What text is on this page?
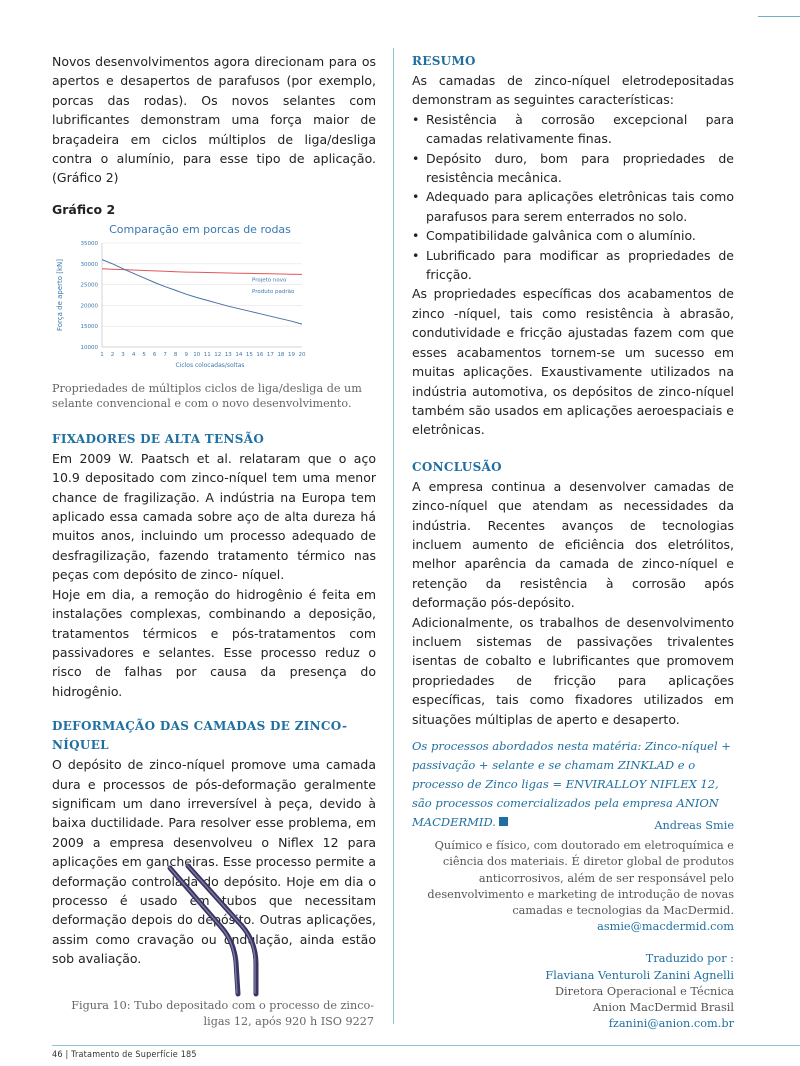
Novos desenvolvimentos agora direcionam para os apertos e desapertos de parafusos (por exemplo, porcas das rodas). Os novos selantes com lubrificantes demonstram uma força maior de braçadeira em ciclos múltiplos de liga/desliga contra o alumínio, para esse tipo de aplicação. (Gráfico 2)

Gráfico 2
Comparação em porcas de rodas
Força de aperto [kN]
Ciclos colocadas/soltas
10000
15000
20000
25000
30000
35000
1 2 3 4 5 6 7 8 9 10 11 12 13 14 15 16 17 18 19 20
Projeto novo
Produto padrão
Propriedades de múltiplos ciclos de liga/desliga de um selante convencional e com o novo desenvolvimento.
FIXADORES DE ALTA TENSÃO

Em 2009 W. Paatsch et al. relataram que o aço 10.9 depositado com zinco-níquel tem uma menor chance de fragilização. A indústria na Europa tem aplicado essa camada sobre aço de alta dureza há muitos anos, incluindo um processo adequado de desfragilização, fazendo tratamento térmico nas peças com depósito de zinco- níquel.

Hoje em dia, a remoção do hidrogênio é feita em instalações complexas, combinando a deposição, tratamentos térmicos e pós-tratamentos com passivadores e selantes. Esse processo reduz o risco de falhas por causa da presença do hidrogênio.

DEFORMAÇÃO DAS CAMADAS DE ZINCO-NÍQUEL

O depósito de zinco-níquel promove uma camada dura e processos de pós-deformação geralmente significam um dano irreversível à peça, devido à baixa ductilidade. Para resolver esse problema, em 2009 a empresa desenvolveu o Niflex 12 para aplicações em gancheiras. Esse processo permite a deformação controlada do depósito. Hoje em dia o processo é usado em tubos que necessitam deformação depois do depósito. Outras aplicações, assim como cravação ou ondulação, ainda estão sob avaliação.

Figura 10: Tubo depositado com o processo de zinco-ligas 12, após 920 h ISO 9227
RESUMO

As camadas de zinco-níquel eletrodepositadas demonstram as seguintes características:

• Resistência à corrosão excepcional para camadas relativamente finas.
• Depósito duro, bom para propriedades de resistência mecânica.
• Adequado para aplicações eletrônicas tais como parafusos para serem enterrados no solo.
• Compatibilidade galvânica com o alumínio.
• Lubrificado para modificar as propriedades de fricção.

As propriedades específicas dos acabamentos de zinco -níquel, tais como resistência à abrasão, condutividade e fricção ajustadas fazem com que esses acabamentos tornem-se um sucesso em muitas aplicações. Exaustivamente utilizados na indústria automotiva, os depósitos de zinco-níquel também são usados em aplicações aeroespaciais e eletrônicas.

CONCLUSÃO

A empresa continua a desenvolver camadas de zinco-níquel que atendam as necessidades da indústria. Recentes avanços de tecnologias incluem aumento de eficiência dos eletrólitos, melhor aparência da camada de zinco-níquel e retenção da resistência à corrosão após deformação pós-depósito.

Adicionalmente, os trabalhos de desenvolvimento incluem sistemas de passivações trivalentes isentas de cobalto e lubrificantes que promovem propriedades de fricção para aplicações específicas, tais como fixadores utilizados em situações múltiplas de aperto e desaperto.

Os processos abordados nesta matéria: Zinco-níquel + passivação + selante e se chamam ZINKLAD e o processo de Zinco ligas = ENVIRALLOY NIFLEX 12, são processos comercializados pela empresa ANION MACDERMID.	Andreas Smie
Químico e físico, com doutorado em eletroquímica e ciência dos materiais. É diretor global de produtos anticorrosivos, além de ser responsável pelo desenvolvimento e marketing de introdução de novas camadas e tecnologias da MacDermid.
asmie@macdermid.com
Traduzido por :
Flaviana Venturoli Zanini Agnelli
Diretora Operacional e Técnica
Anion MacDermid Brasil
fzanini@anion.com.br
46 | Tratamento de Superfície 185
